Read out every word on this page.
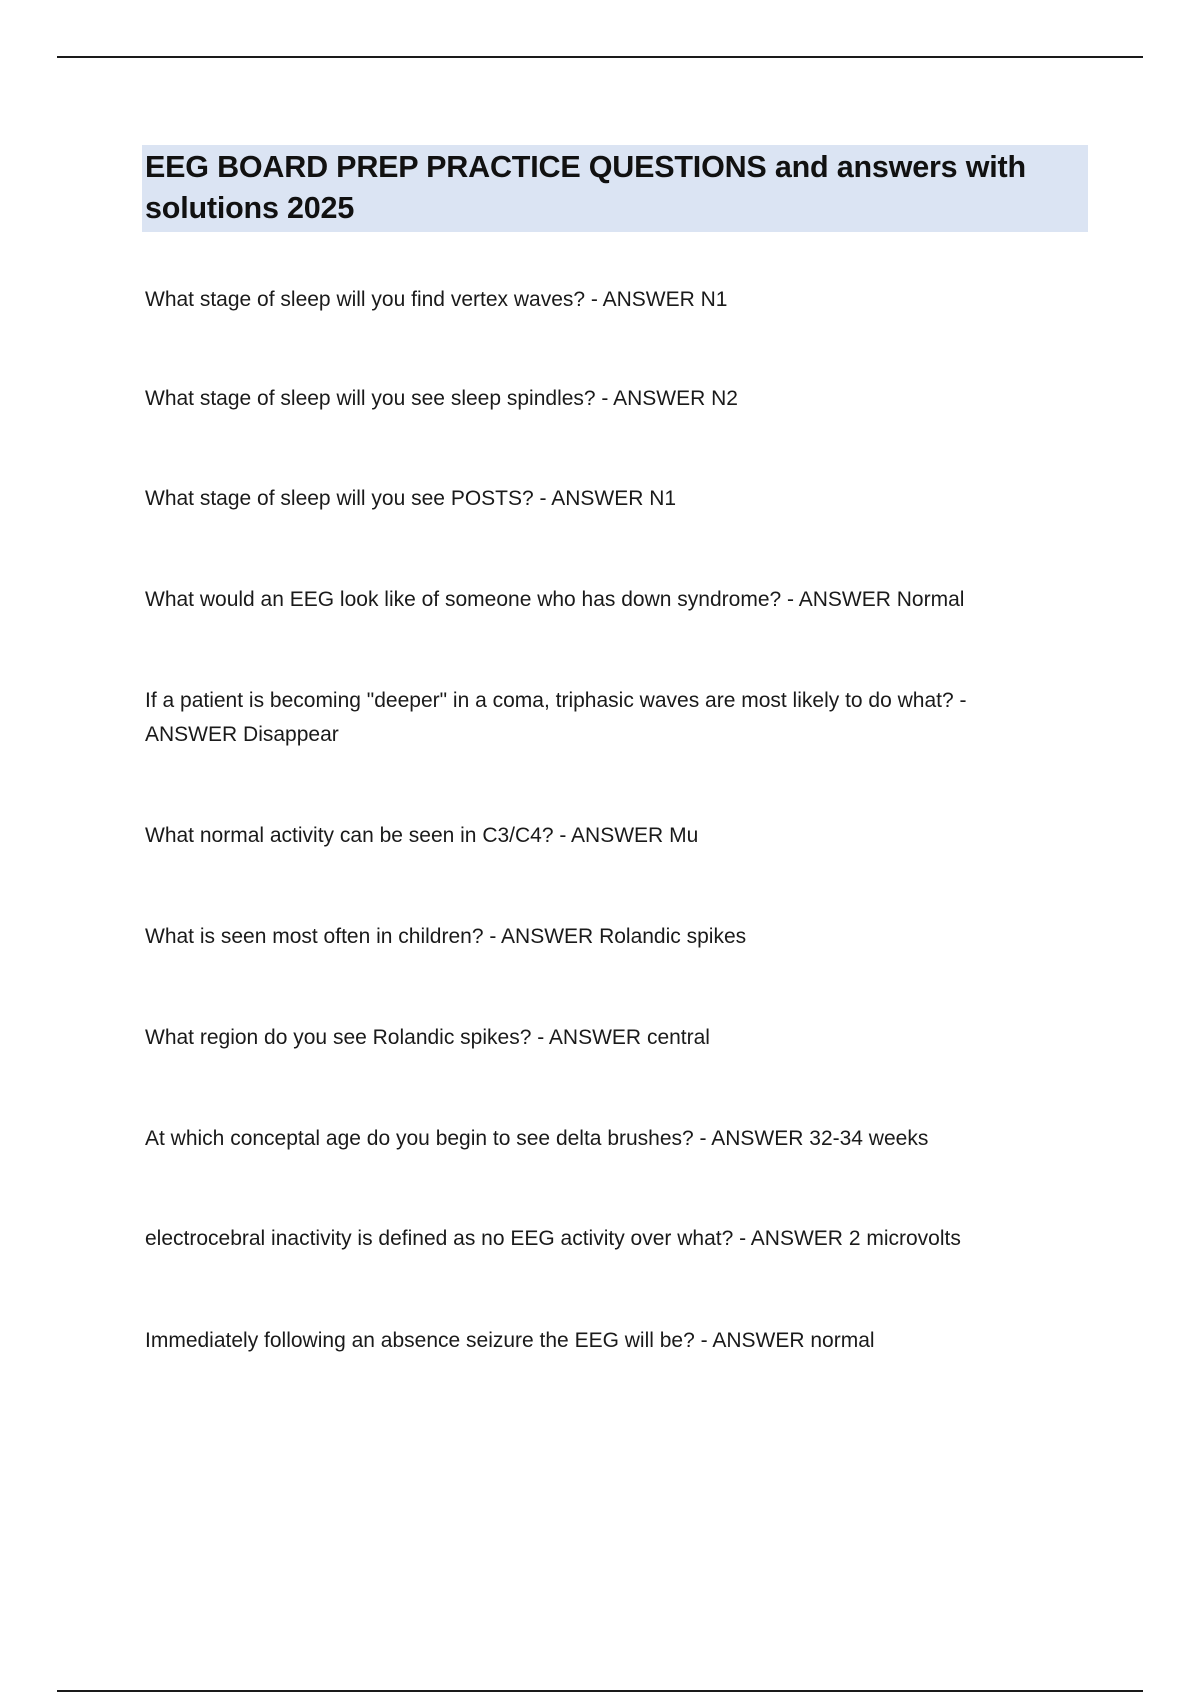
EEG BOARD PREP PRACTICE QUESTIONS and answers with solutions 2025
What stage of sleep will you find vertex waves? - ANSWER N1
What stage of sleep will you see sleep spindles? - ANSWER N2
What stage of sleep will you see POSTS? - ANSWER N1
What would an EEG look like of someone who has down syndrome? - ANSWER Normal
If a patient is becoming "deeper" in a coma, triphasic waves are most likely to do what? - ANSWER Disappear
What normal activity can be seen in C3/C4? - ANSWER Mu
What is seen most often in children? - ANSWER Rolandic spikes
What region do you see Rolandic spikes? - ANSWER central
At which conceptal age do you begin to see delta brushes? - ANSWER 32-34 weeks
electrocebral inactivity is defined as no EEG activity over what? - ANSWER 2 microvolts
Immediately following an absence seizure the EEG will be? - ANSWER normal
